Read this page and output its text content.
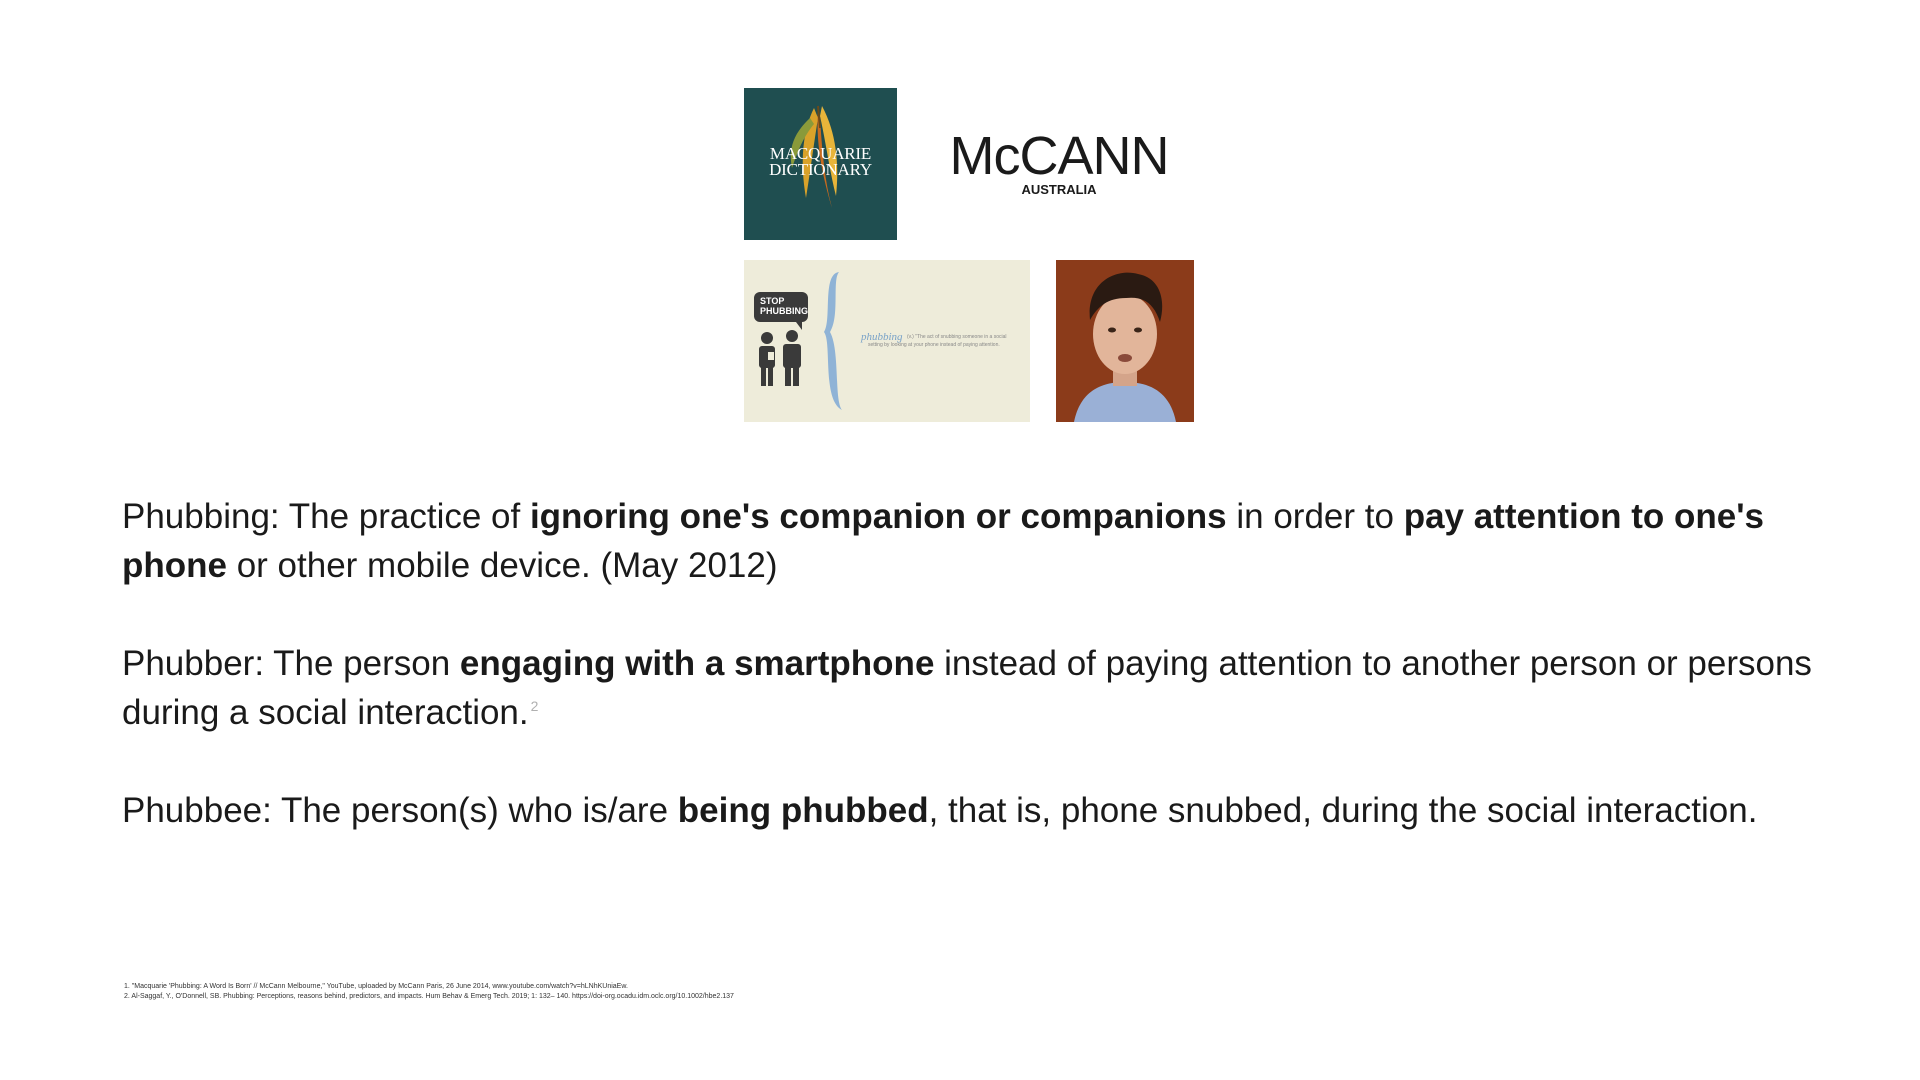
MACQUARIE
DICTIONARY	McCANN
AUSTRALIA
STOP
PHUBBING
phubbing (v.) "The act of snubbing someone in a social
setting by looking at your phone instead of paying attention.

Phubbing: The practice of ignoring one's companion or companions in order to pay attention to one's phone or other mobile device. (May 2012)

Phubber: The person engaging with a smartphone instead of paying attention to another person or persons during a social interaction. $^2$

Phubbee: The person(s) who is/are being phubbed, that is, phone snubbed, during the social interaction.

1. "Macquarie 'Phubbing: A Word Is Born' // McCann Melbourne," YouTube, uploaded by McCann Paris, 26 June 2014, www.youtube.com/watch?v=hLNhKUniaEw.
2. Al-Saggaf, Y., O'Donnell, SB. Phubbing: Perceptions, reasons behind, predictors, and impacts. Hum Behav & Emerg Tech. 2019; 1: 132– 140. https://doi-org.ocadu.idm.oclc.org/10.1002/hbe2.137
